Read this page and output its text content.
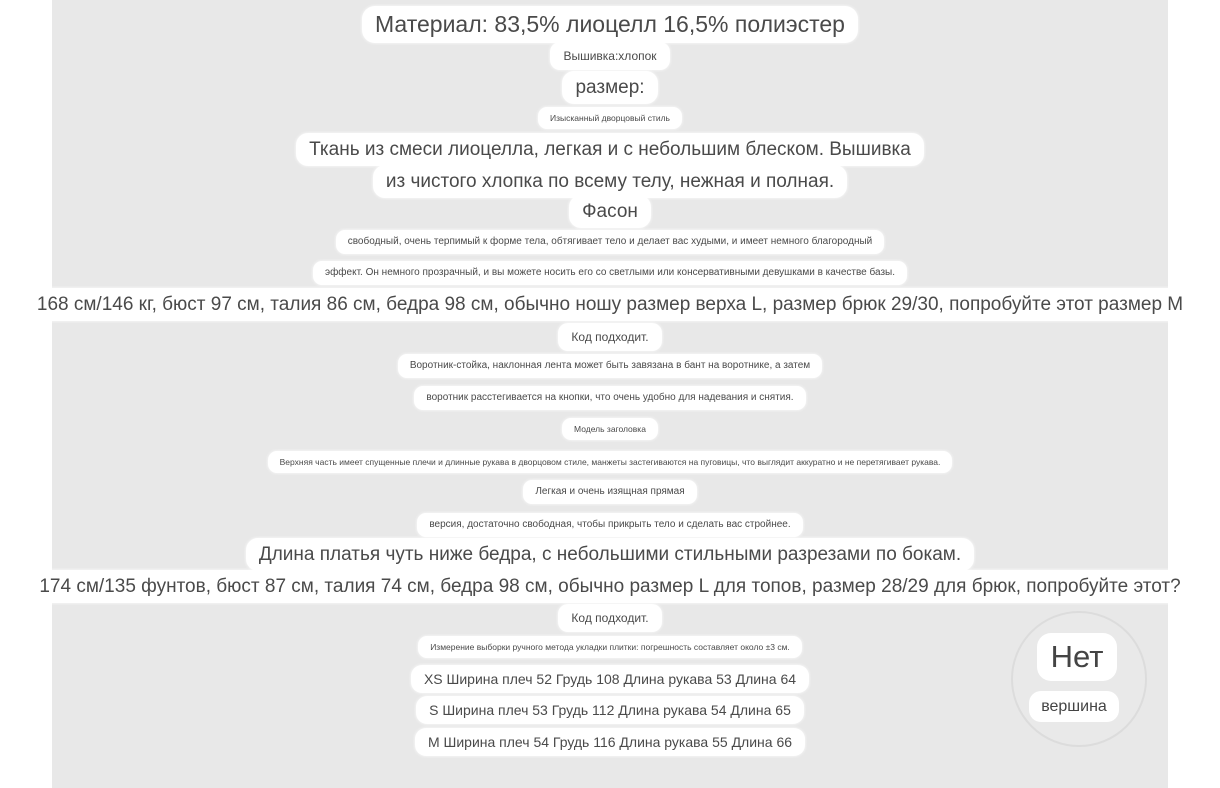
Материал: 83,5% лиоцелл 16,5% полиэстер
Вышивка:хлопок
размер:
Изысканный дворцовый стиль
Ткань из смеси лиоцелла, легкая и с небольшим блеском. Вышивка
из чистого хлопка по всему телу, нежная и полная.
Фасон
свободный, очень терпимый к форме тела, обтягивает тело и делает вас худыми, и имеет немного благородный
эффект. Он немного прозрачный, и вы можете носить его со светлыми или консервативными девушками в качестве базы.
168 см/146 кг, бюст 97 см, талия 86 см, бедра 98 см, обычно ношу размер верха L, размер брюк 29/30, попробуйте этот размер M
Код подходит.
Воротник-стойка, наклонная лента может быть завязана в бант на воротнике, а затем
воротник расстегивается на кнопки, что очень удобно для надевания и снятия.
Модель заголовка
Верхняя часть имеет спущенные плечи и длинные рукава в дворцовом стиле, манжеты застегиваются на пуговицы, что выглядит аккуратно и не перетягивает рукава.
Легкая и очень изящная прямая
версия, достаточно свободная, чтобы прикрыть тело и сделать вас стройнее.
Длина платья чуть ниже бедра, с небольшими стильными разрезами по бокам.
174 см/135 фунтов, бюст 87 см, талия 74 см, бедра 98 см, обычно размер L для топов, размер 28/29 для брюк, попробуйте этот?
Код подходит.
Измерение выборки ручного метода укладки плитки: погрешность составляет около ±3 см.
XS Ширина плеч 52 Грудь 108 Длина рукава 53 Длина 64
S Ширина плеч 53 Грудь 112 Длина рукава 54 Длина 65
M Ширина плеч 54 Грудь 116 Длина рукава 55 Длина 66
Нет
вершина
